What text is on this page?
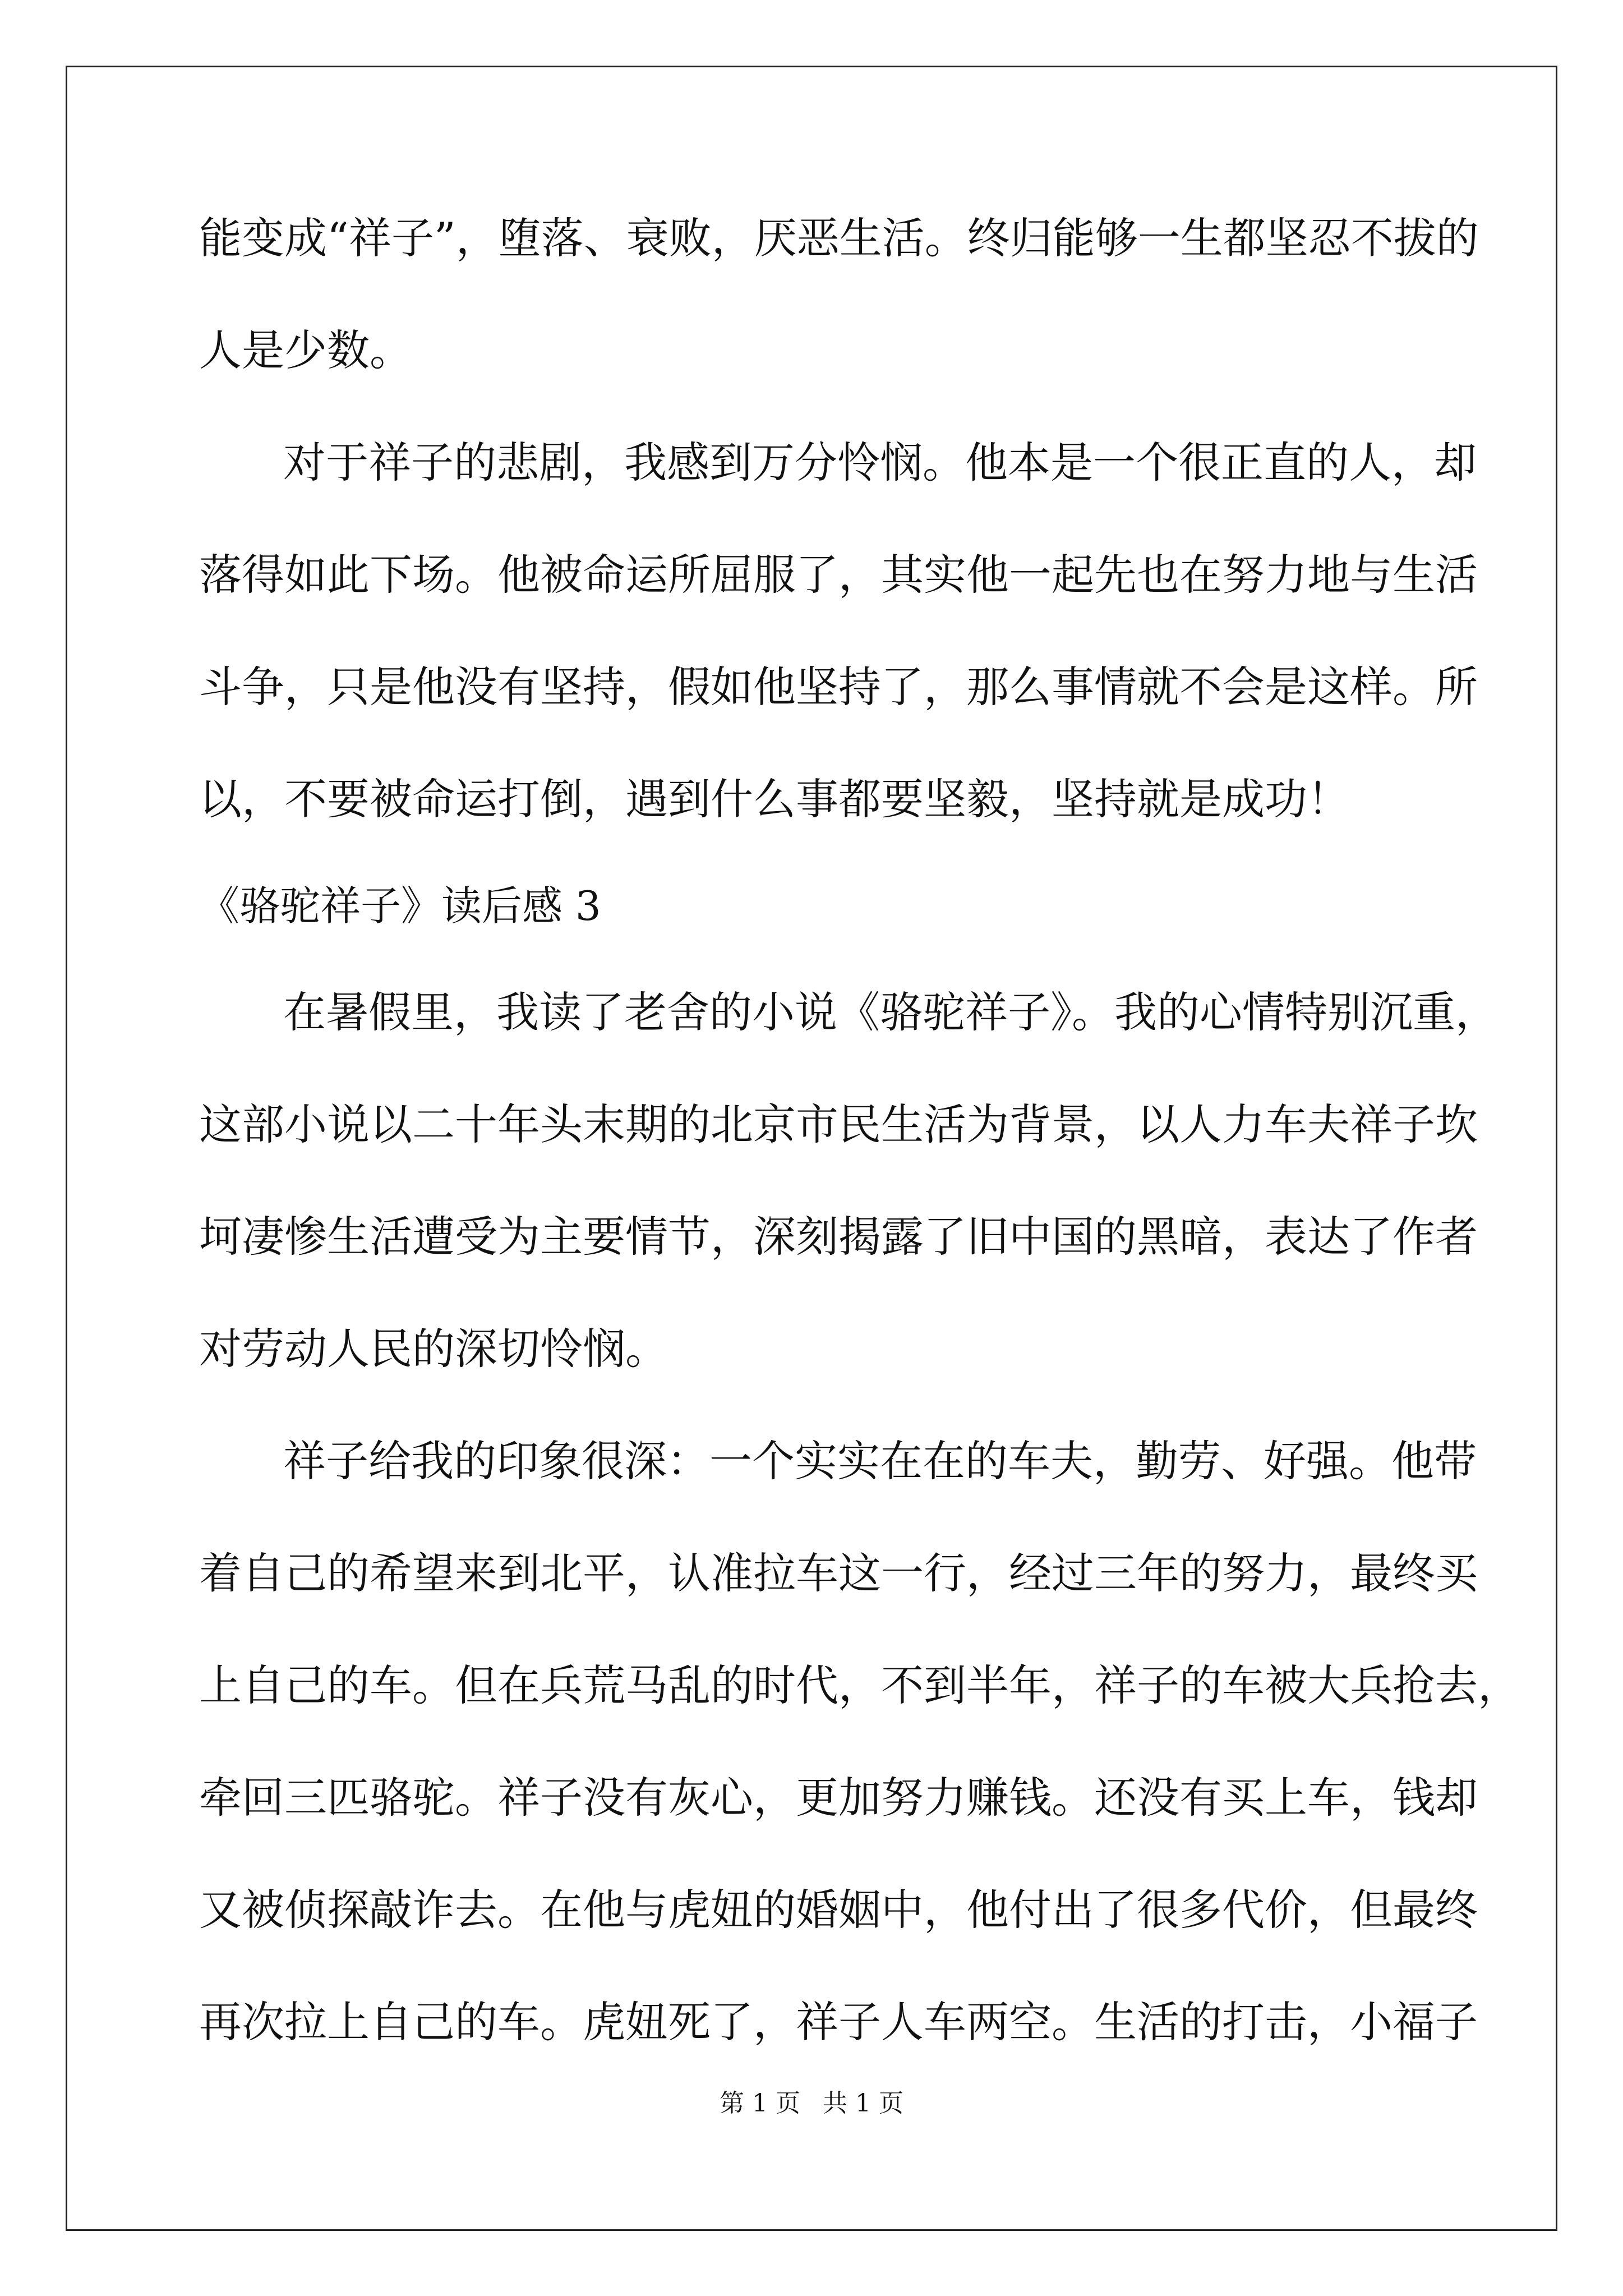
能变成“祥子”，堕落、衰败，厌恶生活。终归能够一生都坚忍不拔的
人是少数。
对于祥子的悲剧，我感到万分怜悯。他本是一个很正直的人，却
落得如此下场。他被命运所屈服了，其实他一起先也在努力地与生活
斗争，只是他没有坚持，假如他坚持了，那么事情就不会是这样。所
以，不要被命运打倒，遇到什么事都要坚毅，坚持就是成功！
《骆驼祥子》读后感 3
在暑假里，我读了老舍的小说《骆驼祥子》。我的心情特别沉重，
这部小说以二十年头末期的北京市民生活为背景，以人力车夫祥子坎
坷凄惨生活遭受为主要情节，深刻揭露了旧中国的黑暗，表达了作者
对劳动人民的深切怜悯。
祥子给我的印象很深：一个实实在在的车夫，勤劳、好强。他带
着自己的希望来到北平，认准拉车这一行，经过三年的努力，最终买
上自己的车。但在兵荒马乱的时代，不到半年，祥子的车被大兵抢去，
牵回三匹骆驼。祥子没有灰心，更加努力赚钱。还没有买上车，钱却
又被侦探敲诈去。在他与虎妞的婚姻中，他付出了很多代价，但最终
再次拉上自己的车。虎妞死了，祥子人车两空。生活的打击，小福子
第 1 页 共 1 页
